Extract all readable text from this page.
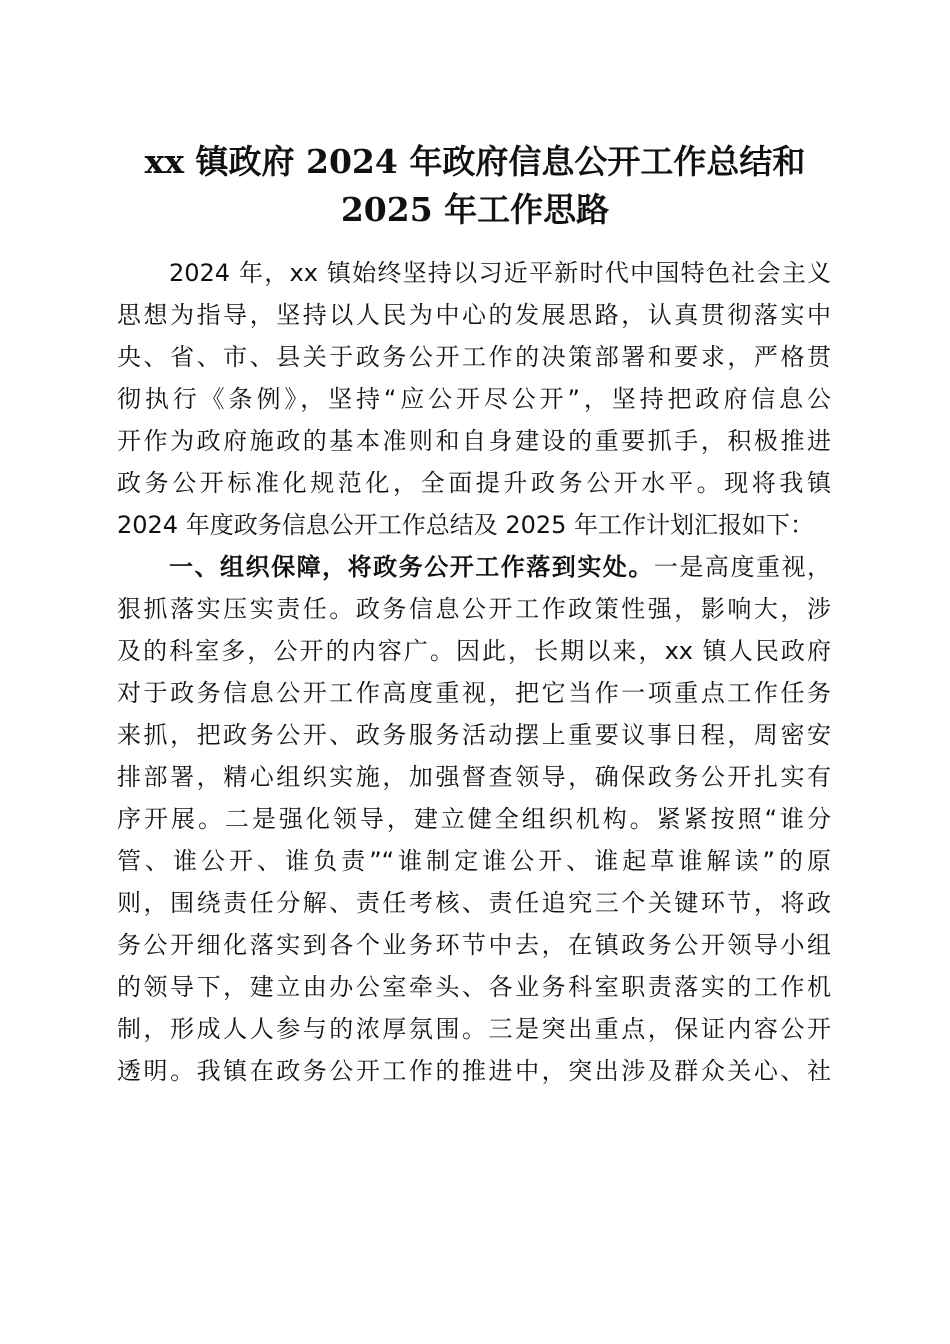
xx 镇政府 2024 年政府信息公开工作总结和
2025 年工作思路
2024 年，xx 镇始终坚持以习近平新时代中国特色社会主义
思想为指导，坚持以人民为中心的发展思路，认真贯彻落实中
央、省、市、县关于政务公开工作的决策部署和要求，严格贯
彻执行《条例》，坚持“应公开尽公开”，坚持把政府信息公
开作为政府施政的基本准则和自身建设的重要抓手，积极推进
政务公开标准化规范化，全面提升政务公开水平。现将我镇
2024 年度政务信息公开工作总结及 2025 年工作计划汇报如下：
一、组织保障，将政务公开工作落到实处。一是高度重视，
狠抓落实压实责任。政务信息公开工作政策性强，影响大，涉
及的科室多，公开的内容广。因此，长期以来，xx 镇人民政府
对于政务信息公开工作高度重视，把它当作一项重点工作任务
来抓，把政务公开、政务服务活动摆上重要议事日程，周密安
排部署，精心组织实施，加强督查领导，确保政务公开扎实有
序开展。二是强化领导，建立健全组织机构。紧紧按照“谁分
管、谁公开、谁负责”“谁制定谁公开、谁起草谁解读”的原
则，围绕责任分解、责任考核、责任追究三个关键环节，将政
务公开细化落实到各个业务环节中去，在镇政务公开领导小组
的领导下，建立由办公室牵头、各业务科室职责落实的工作机
制，形成人人参与的浓厚氛围。三是突出重点，保证内容公开
透明。我镇在政务公开工作的推进中，突出涉及群众关心、社
